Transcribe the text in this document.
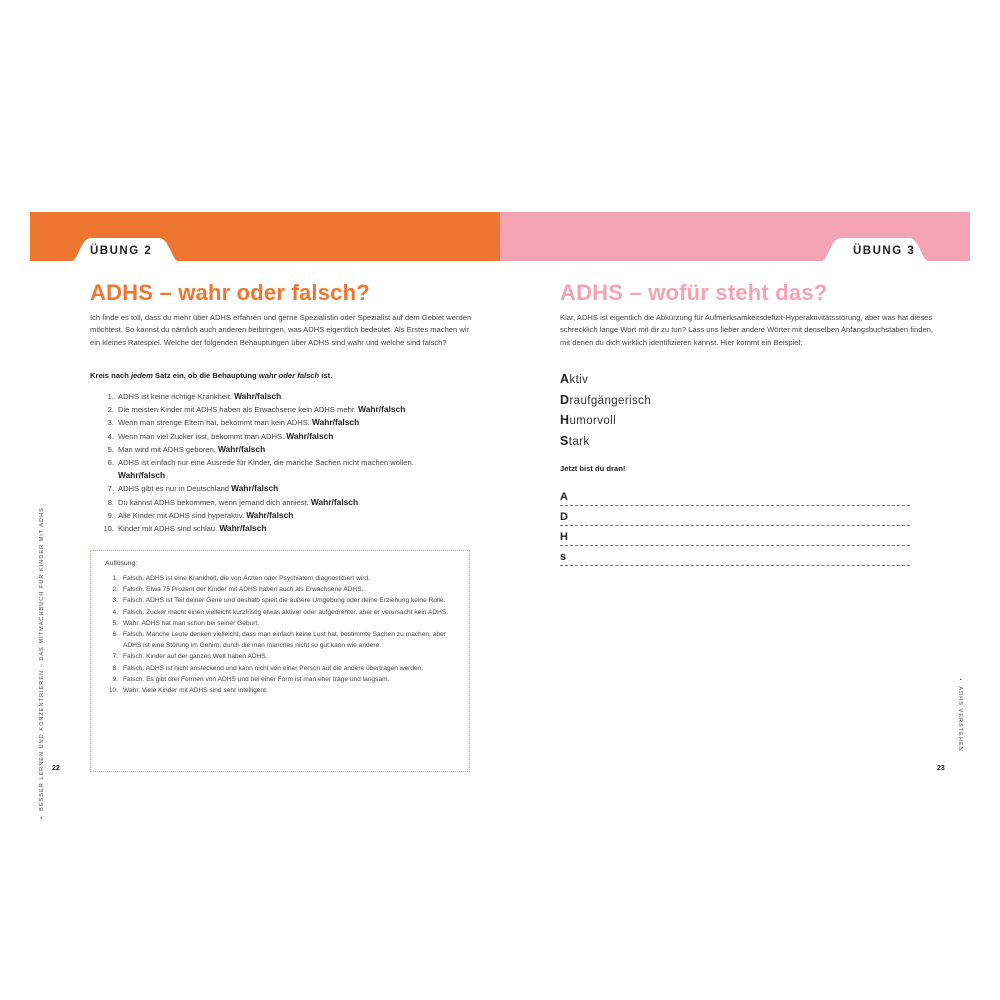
ÜBUNG 2
ADHS – wahr oder falsch?

Ich finde es toll, dass du mehr über ADHS erfahren und gerne Spezialistin oder Spezialist auf dem Gebiet werden möchtest. So kannst du nämlich auch anderen beibringen, was ADHS eigentlich bedeutet. Als Erstes machen wir ein kleines Ratespiel. Welche der folgenden Behauptungen über ADHS sind wahr und welche sind falsch?

Kreis nach jedem Satz ein, ob die Behauptung wahr oder falsch ist.

1. ADHS ist keine richtige Krankheit. Wahr/falsch
2. Die meisten Kinder mit ADHS haben als Erwachsene kein ADHS mehr. Wahr/falsch
3. Wenn man strenge Eltern hat, bekommt man kein ADHS. Wahr/falsch
4. Wenn man viel Zucker isst, bekommt man ADHS. Wahr/falsch
5. Man wird mit ADHS geboren. Wahr/falsch
6. ADHS ist einfach nur eine Ausrede für Kinder, die manche Sachen nicht machen wollen.
Wahr/falsch
7. ADHS gibt es nur in Deutschland Wahr/falsch
8. Du kannst ADHS bekommen, wenn jemand dich anniest. Wahr/falsch
9. Alle Kinder mit ADHS sind hyperaktiv. Wahr/falsch
10. Kinder mit ADHS sind schlau. Wahr/falsch
Auflösung:
1. Falsch. ADHS ist eine Krankheit, die von Ärzten oder Psychiatern diagnostiziert wird.
2. Falsch. Etwa 75 Prozent der Kinder mit ADHS haben auch als Erwachsene ADHS.
3. Falsch. ADHS ist Teil deiner Gene und deshalb spielt die äußere Umgebung oder deine Erziehung keine Rolle.
4. Falsch. Zucker macht einen vielleicht kurzfristig etwas aktiver oder aufgedrehter, aber er verursacht kein ADHS.
5. Wahr. ADHS hat man schon bei seiner Geburt.
6. Falsch. Manche Leute denken vielleicht, dass man einfach keine Lust hat, bestimmte Sachen zu machen, aber ADHS ist eine Störung im Gehirn, durch die man manches nicht so gut kann wie andere.
7. Falsch. Kinder auf der ganzen Welt haben ADHS.
8. Falsch. ADHS ist nicht ansteckend und kann nicht von einer Person auf die andere übertragen werden.
9. Falsch. Es gibt drei Formen von ADHS und bei einer Form ist man eher träge und langsam.
10. Wahr. Viele Kinder mit ADHS sind sehr intelligent.
•  BESSER LERNEN UND KONZENTRIEREN – DAS MITMACHBUCH FÜR KINDER MIT ADHS 22
ÜBUNG 3
ADHS – wofür steht das?

Klar, ADHS ist eigentlich die Abkürzung für Aufmerksamkeitsdefizit-Hyperaktivitätsstörung, aber was hat dieses schrecklich lange Wort mit dir zu tun? Lass uns lieber andere Wörter mit denselben Anfangsbuchstaben finden, mit denen du dich wirklich identifizieren kannst. Hier kommt ein Beispiel:

Aktiv
Draufgängerisch
Humorvoll
Stark

Jetzt bist du dran!

A
D
H
s
•  ADHS VERSTEHEN
23
